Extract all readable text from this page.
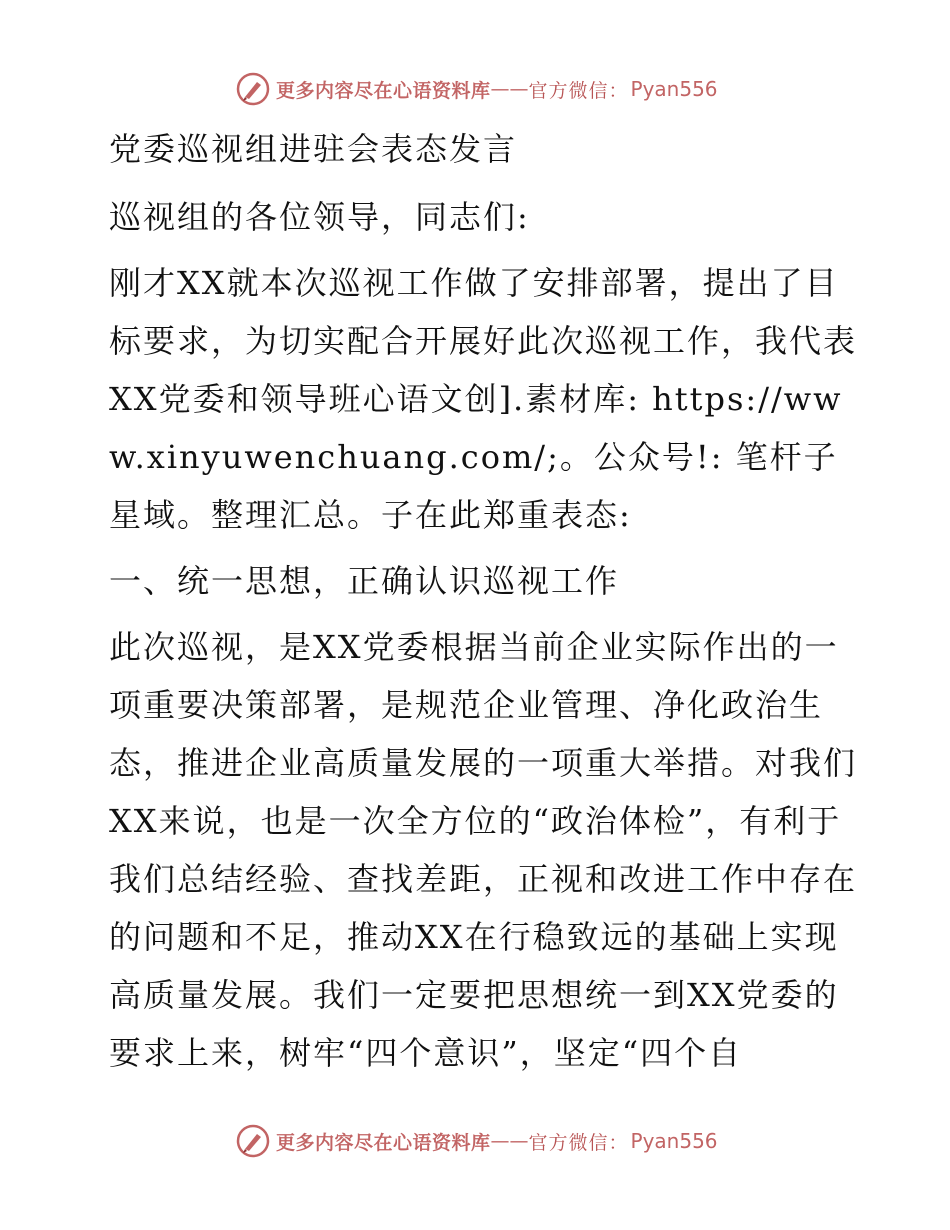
更多内容尽在心语资料库 —— 官方微信： Pyan556

党委巡视组进驻会表态发言

巡视组的各位领导，同志们:

刚才XX就本次巡视工作做了安排部署，提出了目标要求，为切实配合开展好此次巡视工作，我代表XX党委和领导班心语文创].素材库: https://www.xinyuwenchuang.com/;。公众号!: 笔杆子星域。整理汇总。子在此郑重表态:

一、统一思想，正确认识巡视工作

此次巡视，是XX党委根据当前企业实际作出的一项重要决策部署，是规范企业管理、净化政治生态，推进企业高质量发展的一项重大举措。对我们XX来说，也是一次全方位的“政治体检”，有利于我们总结经验、查找差距，正视和改进工作中存在的问题和不足，推动XX在行稳致远的基础上实现高质量发展。我们一定要把思想统一到XX党委的要求上来，树牢“四个意识”，坚定“四个自

更多内容尽在心语资料库 —— 官方微信： Pyan556
